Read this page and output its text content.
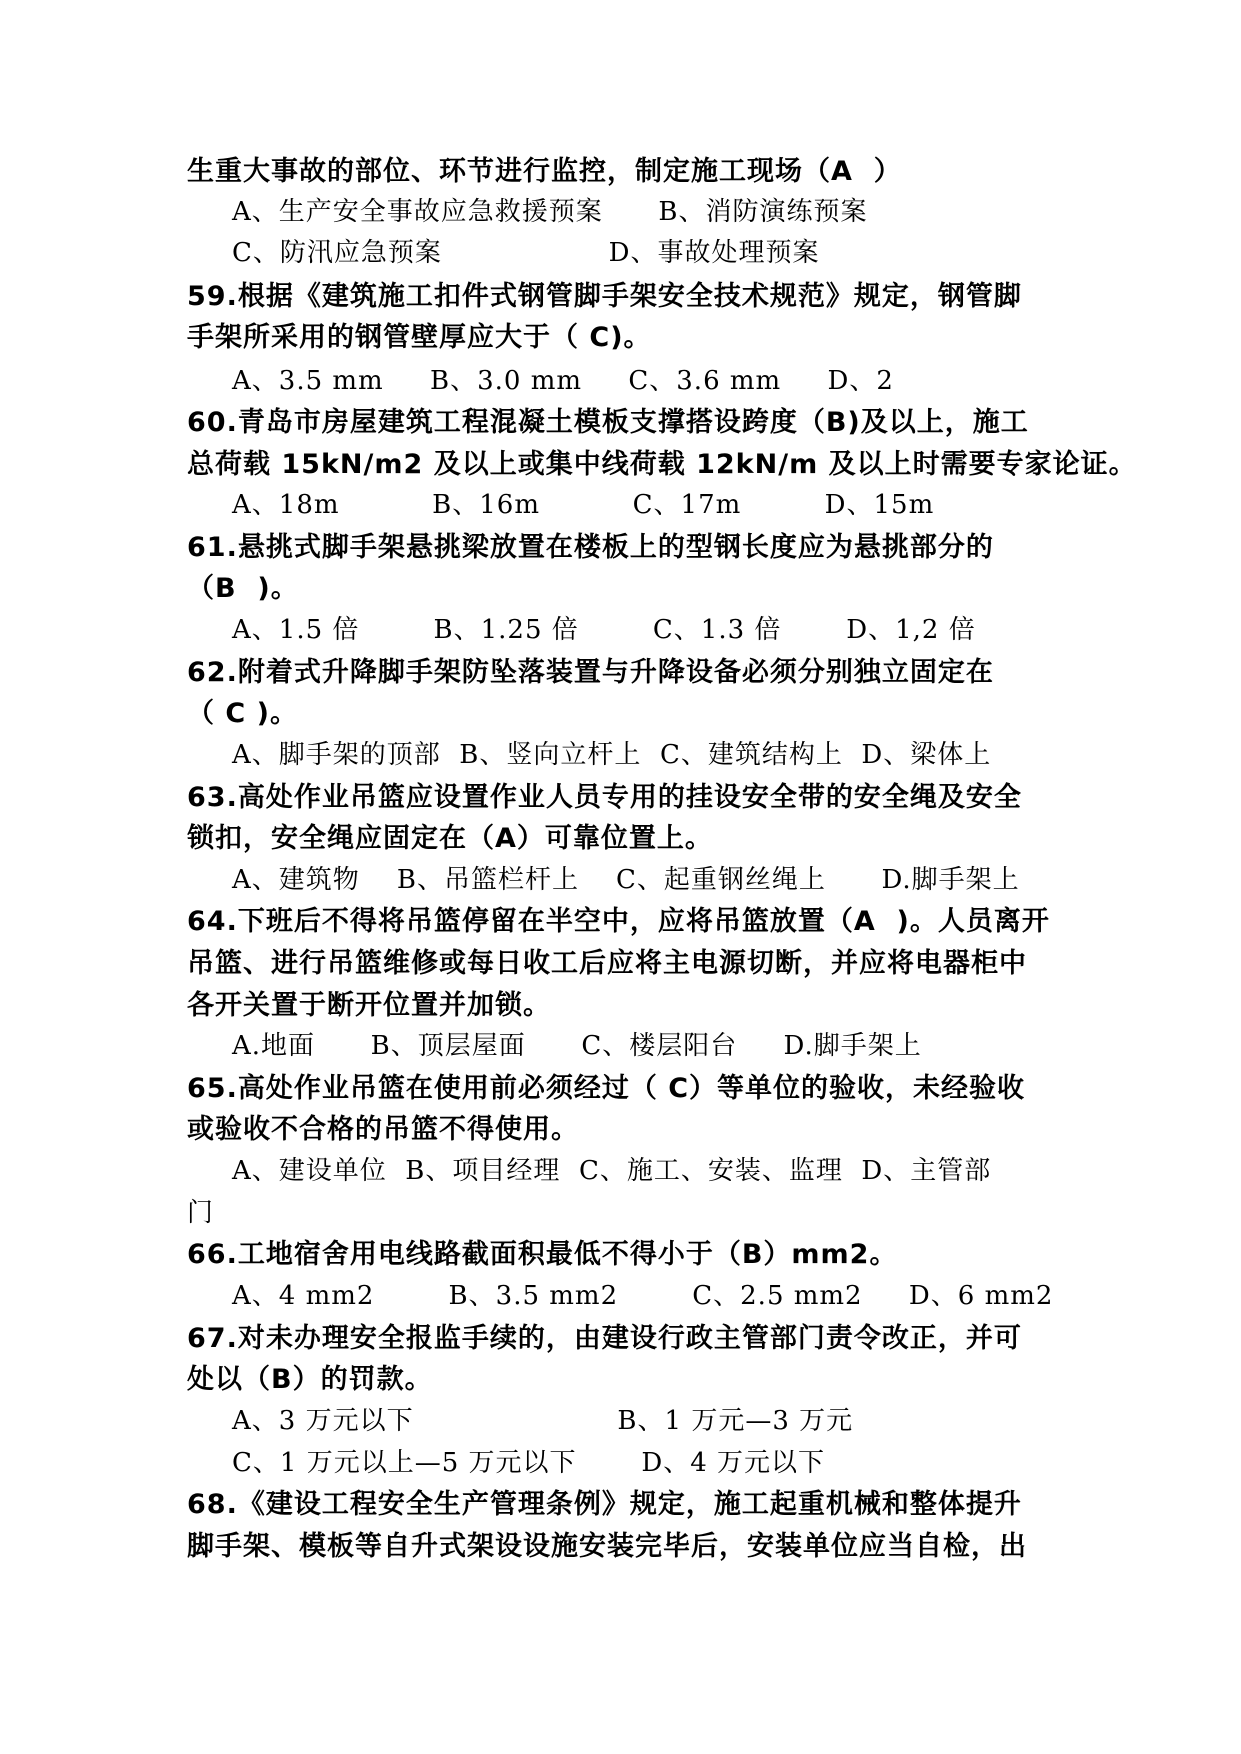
生重大事故的部位、环节进行监控，制定施工现场（A  ）
A、生产安全事故应急救援预案      B、消防演练预案
C、防汛应急预案                  D、事故处理预案
59.根据《建筑施工扣件式钢管脚手架安全技术规范》规定，钢管脚
手架所采用的钢管壁厚应大于（ C)。
A、3.5 mm     B、3.0 mm     C、3.6 mm     D、2
60.青岛市房屋建筑工程混凝土模板支撑搭设跨度（B)及以上，施工
总荷载 15kN/m2 及以上或集中线荷载 12kN/m 及以上时需要专家论证。
A、18m          B、16m          C、17m         D、15m
61.悬挑式脚手架悬挑梁放置在楼板上的型钢长度应为悬挑部分的
（B  )。
A、1.5 倍        B、1.25 倍        C、1.3 倍       D、1,2 倍
62.附着式升降脚手架防坠落装置与升降设备必须分别独立固定在
（ C )。
A、脚手架的顶部  B、竖向立杆上  C、建筑结构上  D、梁体上
63.高处作业吊篮应设置作业人员专用的挂设安全带的安全绳及安全
锁扣，安全绳应固定在（A）可靠位置上。
A、建筑物    B、吊篮栏杆上    C、起重钢丝绳上      D.脚手架上
64.下班后不得将吊篮停留在半空中，应将吊篮放置（A  )。人员离开
吊篮、进行吊篮维修或每日收工后应将主电源切断，并应将电器柜中
各开关置于断开位置并加锁。
A.地面      B、顶层屋面      C、楼层阳台     D.脚手架上
65.高处作业吊篮在使用前必须经过（ C）等单位的验收，未经验收
或验收不合格的吊篮不得使用。
A、建设单位  B、项目经理  C、施工、安装、监理  D、主管部
门
66.工地宿舍用电线路截面积最低不得小于（B）mm2。
A、4 mm2        B、3.5 mm2        C、2.5 mm2     D、6 mm2
67.对未办理安全报监手续的，由建设行政主管部门责令改正，并可
处以（B）的罚款。
A、3 万元以下                      B、1 万元—3 万元
C、1 万元以上—5 万元以下       D、4 万元以下
68.《建设工程安全生产管理条例》规定，施工起重机械和整体提升
脚手架、模板等自升式架设设施安装完毕后，安装单位应当自检，出
